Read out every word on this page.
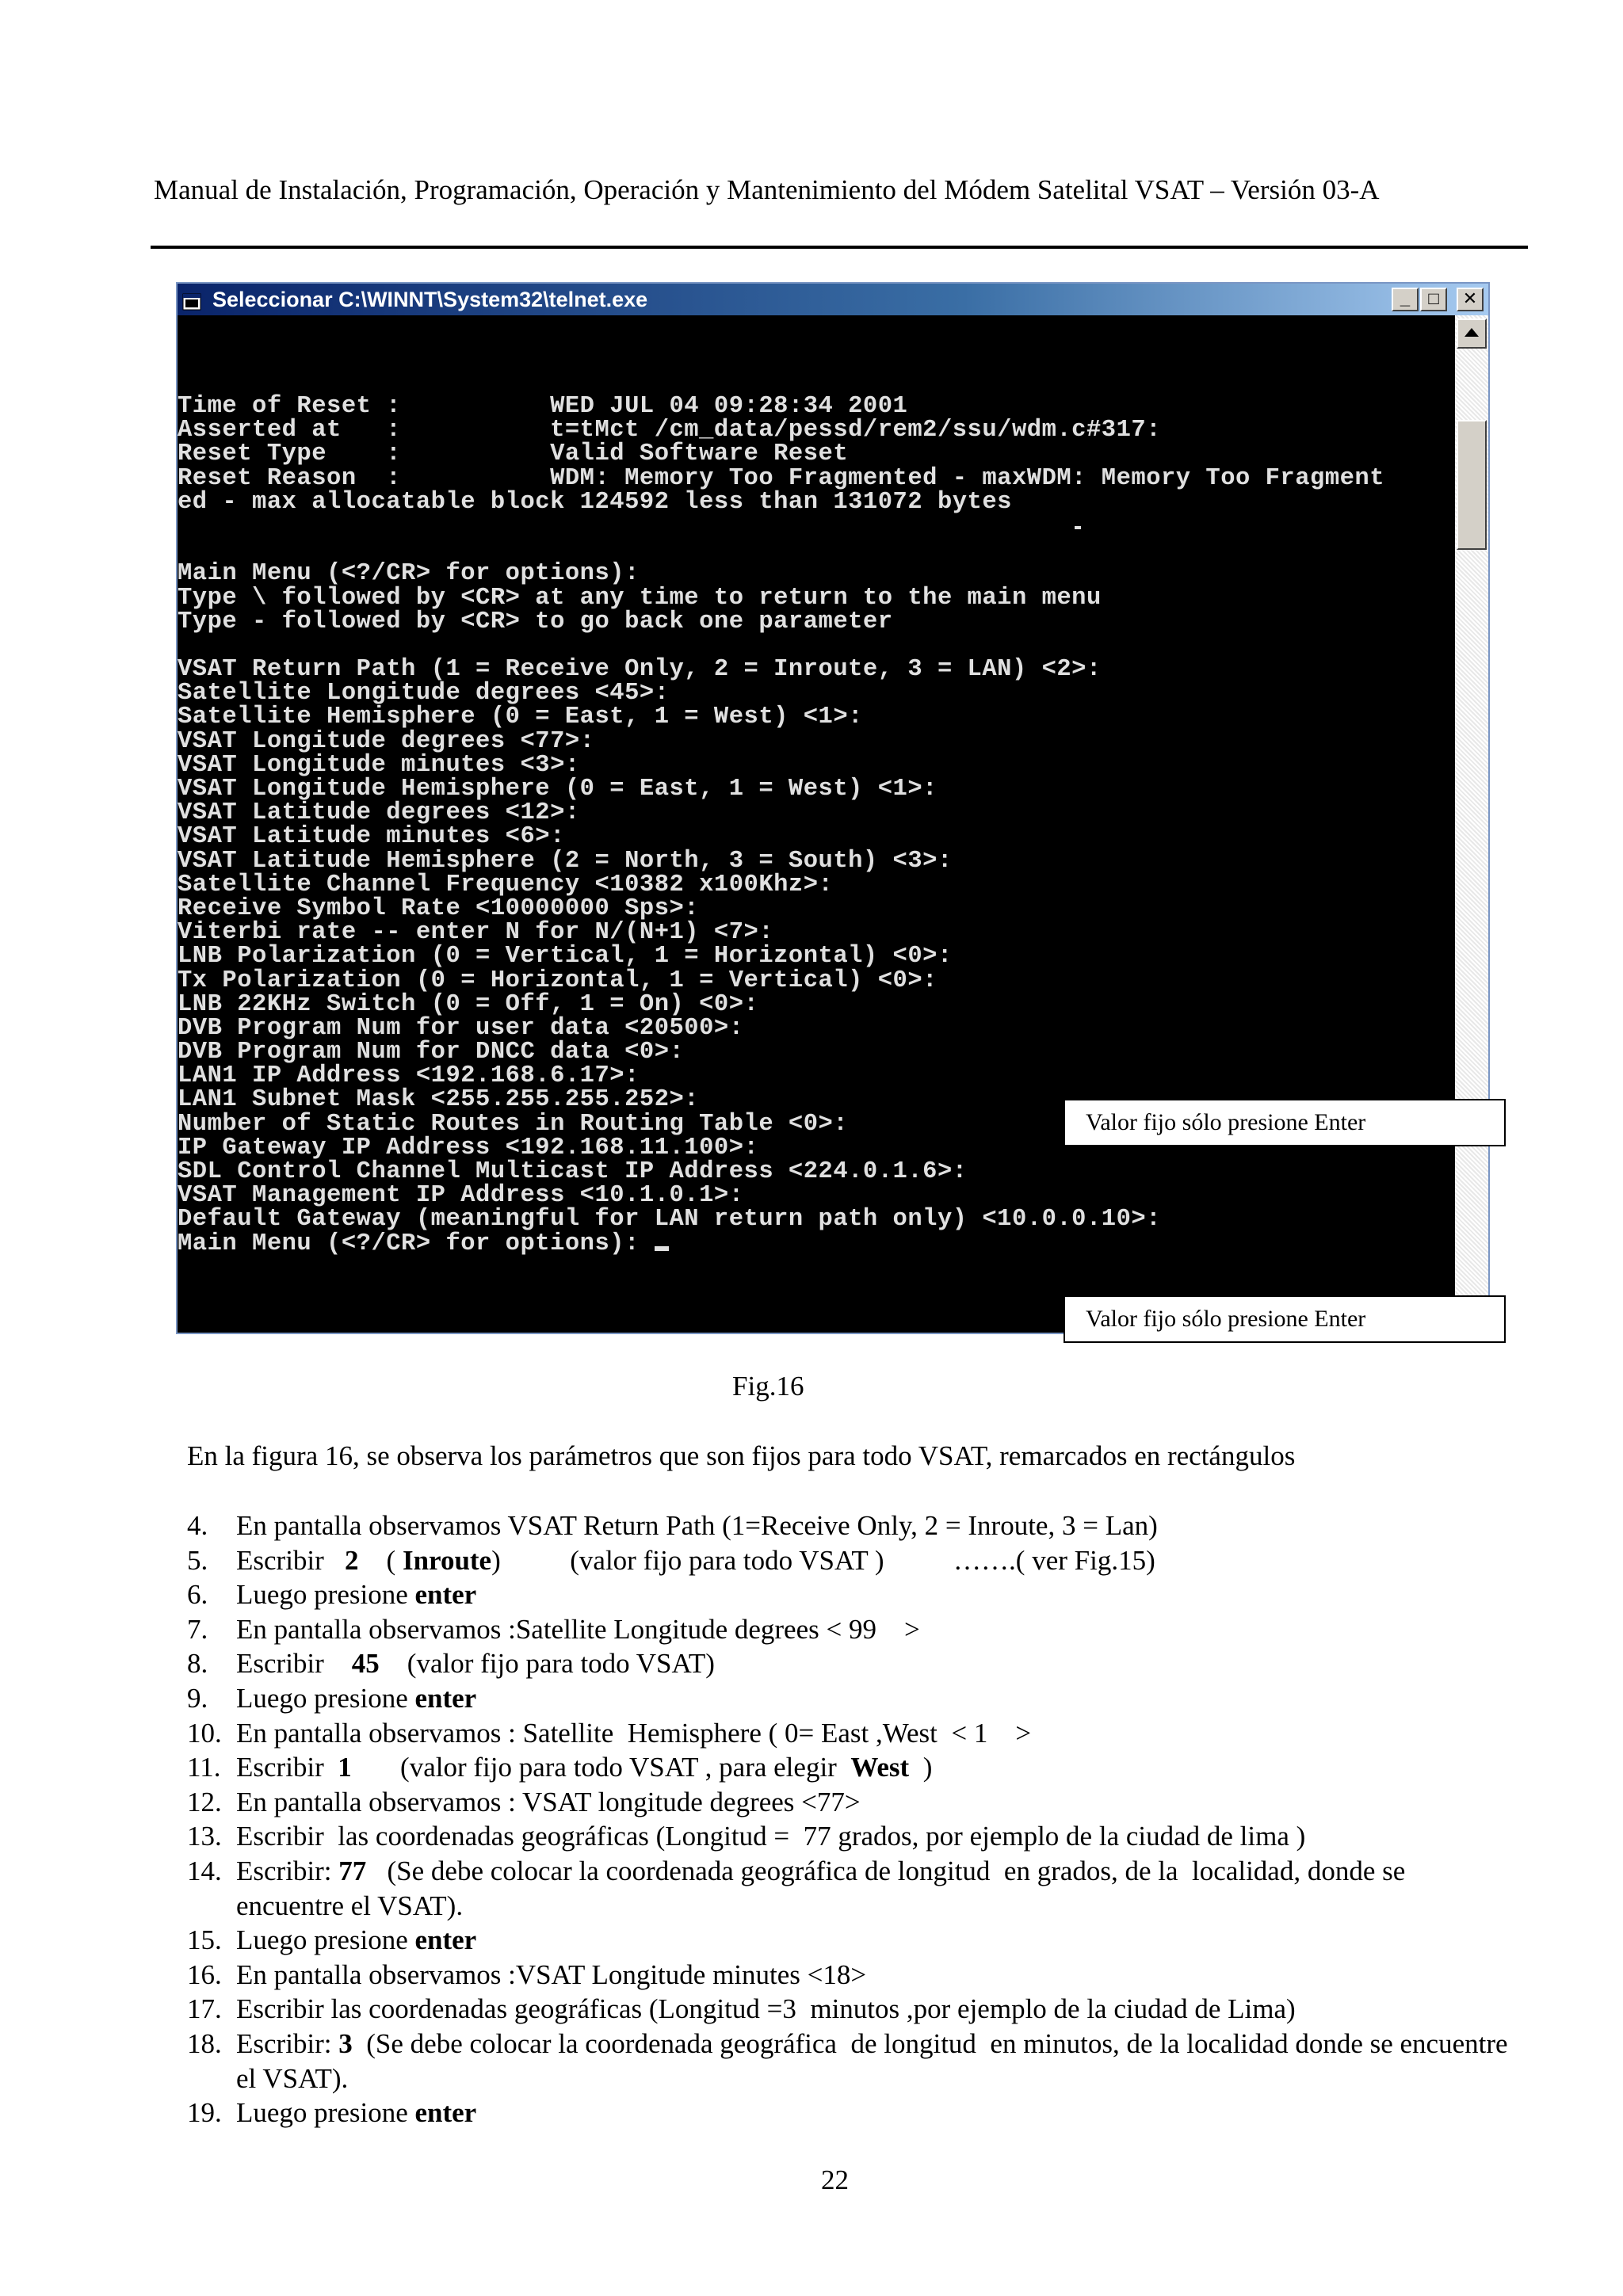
Manual de Instalación, Programación, Operación y Mantenimiento del Módem Satelital VSAT – Versión 03-A
Seleccionar C:\WINNT\System32\telnet.exe	_	□	✕
Time of Reset :          WED JUL 04 09:28:34 2001
Asserted at   :          t=tMct /cm_data/pessd/rem2/ssu/wdm.c#317:
Reset Type    :          Valid Software Reset
Reset Reason  :          WDM: Memory Too Fragmented - maxWDM: Memory Too Fragment
ed - max allocatable block 124592 less than 131072 bytes
Main Menu (<?/CR> for options):
Type \ followed by <CR> at any time to return to the main menu
Type - followed by <CR> to go back one parameter
VSAT Return Path (1 = Receive Only, 2 = Inroute, 3 = LAN) <2>:
Satellite Longitude degrees <45>:
Satellite Hemisphere (0 = East, 1 = West) <1>:
VSAT Longitude degrees <77>:
VSAT Longitude minutes <3>:
VSAT Longitude Hemisphere (0 = East, 1 = West) <1>:
VSAT Latitude degrees <12>:
VSAT Latitude minutes <6>:
VSAT Latitude Hemisphere (2 = North, 3 = South) <3>:
Satellite Channel Frequency <10382 x100Khz>:
Receive Symbol Rate <10000000 Sps>:
Viterbi rate -- enter N for N/(N+1) <7>:
LNB Polarization (0 = Vertical, 1 = Horizontal) <0>:
Tx Polarization (0 = Horizontal, 1 = Vertical) <0>:
LNB 22KHz Switch (0 = Off, 1 = On) <0>:
DVB Program Num for user data <20500>:
DVB Program Num for DNCC data <0>:
LAN1 IP Address <192.168.6.17>:
LAN1 Subnet Mask <255.255.255.252>:
Number of Static Routes in Routing Table <0>:
IP Gateway IP Address <192.168.11.100>:
SDL Control Channel Multicast IP Address <224.0.1.6>:
VSAT Management IP Address <10.1.0.1>:
Default Gateway (meaningful for LAN return path only) <10.0.0.10>:
Main Menu (<?/CR> for options):
Valor fijo sólo presione Enter
Valor fijo sólo presione Enter
Fig.16
En la figura 16, se observa los parámetros que son fijos para todo VSAT, remarcados en rectángulos
4. En pantalla observamos VSAT Return Path (1=Receive Only, 2 = Inroute, 3 = Lan)
5. Escribir   2    ( Inroute)          (valor fijo para todo VSAT )          …….( ver Fig.15)
6. Luego presione enter
7. En pantalla observamos :Satellite Longitude degrees < 99    >
8. Escribir    45    (valor fijo para todo VSAT)
9. Luego presione enter
10. En pantalla observamos : Satellite  Hemisphere ( 0= East ,West  < 1    >
11. Escribir  1       (valor fijo para todo VSAT , para elegir  West  )
12. En pantalla observamos : VSAT longitude degrees <77>
13. Escribir  las coordenadas geográficas (Longitud =  77 grados, por ejemplo de la ciudad de lima )
14. Escribir: 77   (Se debe colocar la coordenada geográfica de longitud  en grados, de la  localidad, donde se encuentre el VSAT).
15. Luego presione enter
16. En pantalla observamos :VSAT Longitude minutes <18>
17. Escribir las coordenadas geográficas (Longitud =3  minutos ,por ejemplo de la ciudad de Lima)
18. Escribir: 3  (Se debe colocar la coordenada geográfica  de longitud  en minutos, de la localidad donde se encuentre el VSAT).
19. Luego presione enter
22
